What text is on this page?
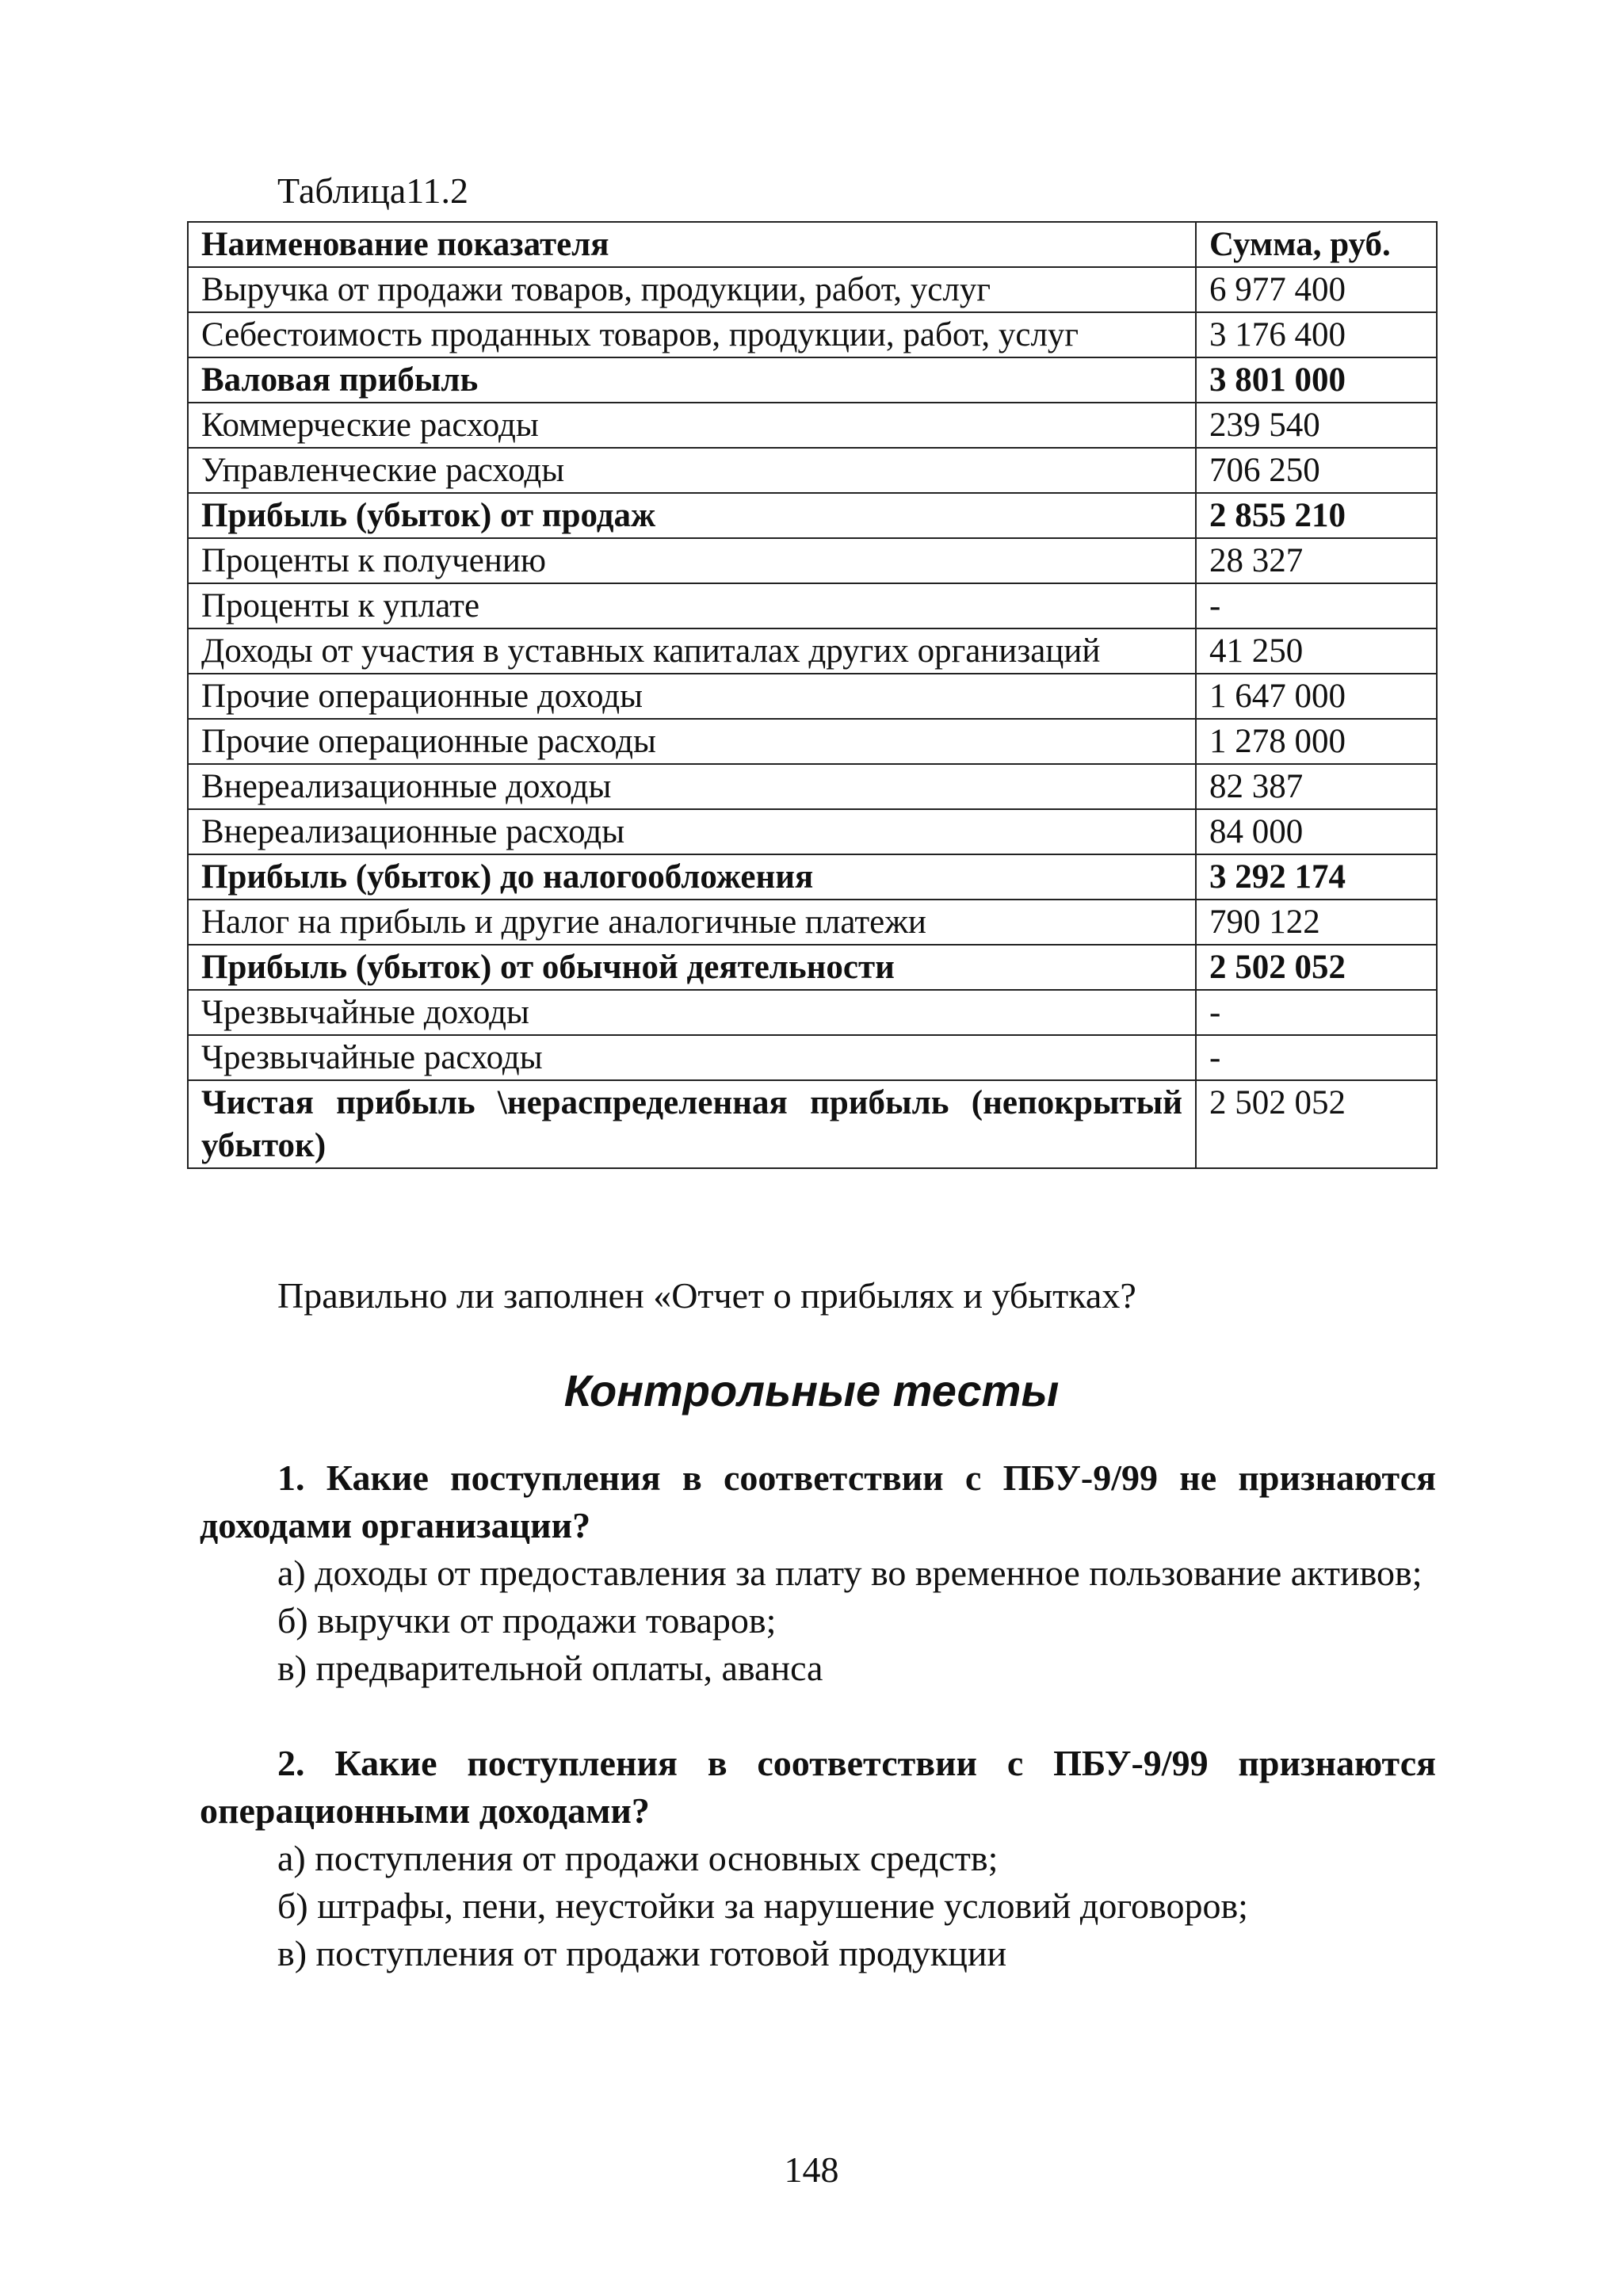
Таблица11.2
Наименование показателя	Сумма, руб.
Выручка от продажи товаров, продукции, работ, услуг	6 977 400
Себестоимость проданных товаров, продукции, работ, услуг	3 176 400
Валовая прибыль	3 801 000
Коммерческие расходы	239 540
Управленческие расходы	706 250
Прибыль (убыток) от продаж	2 855 210
Проценты к получению	28 327
Проценты к уплате	-
Доходы от участия в уставных капиталах других организаций	41 250
Прочие операционные доходы	1 647 000
Прочие операционные расходы	1 278 000
Внереализационные доходы	82 387
Внереализационные расходы	84 000
Прибыль (убыток) до налогообложения	3 292 174
Налог на прибыль и другие аналогичные платежи	790 122
Прибыль (убыток) от обычной деятельности	2 502 052
Чрезвычайные доходы	-
Чрезвычайные расходы	-
Чистая прибыль \нераспределенная прибыль (непокрытый убыток)	2 502 052
Правильно ли заполнен «Отчет о прибылях и убытках?
Контрольные тесты

1. Какие поступления в соответствии с ПБУ-9/99 не признаются доходами организации?

а) доходы от предоставления за плату во временное пользование активов;

б) выручки от продажи товаров;

в) предварительной оплаты, аванса

2. Какие поступления в соответствии с ПБУ-9/99 признаются операционными доходами?

а) поступления от продажи основных средств;

б) штрафы, пени, неустойки за нарушение условий договоров;

в) поступления от продажи готовой продукции

148
